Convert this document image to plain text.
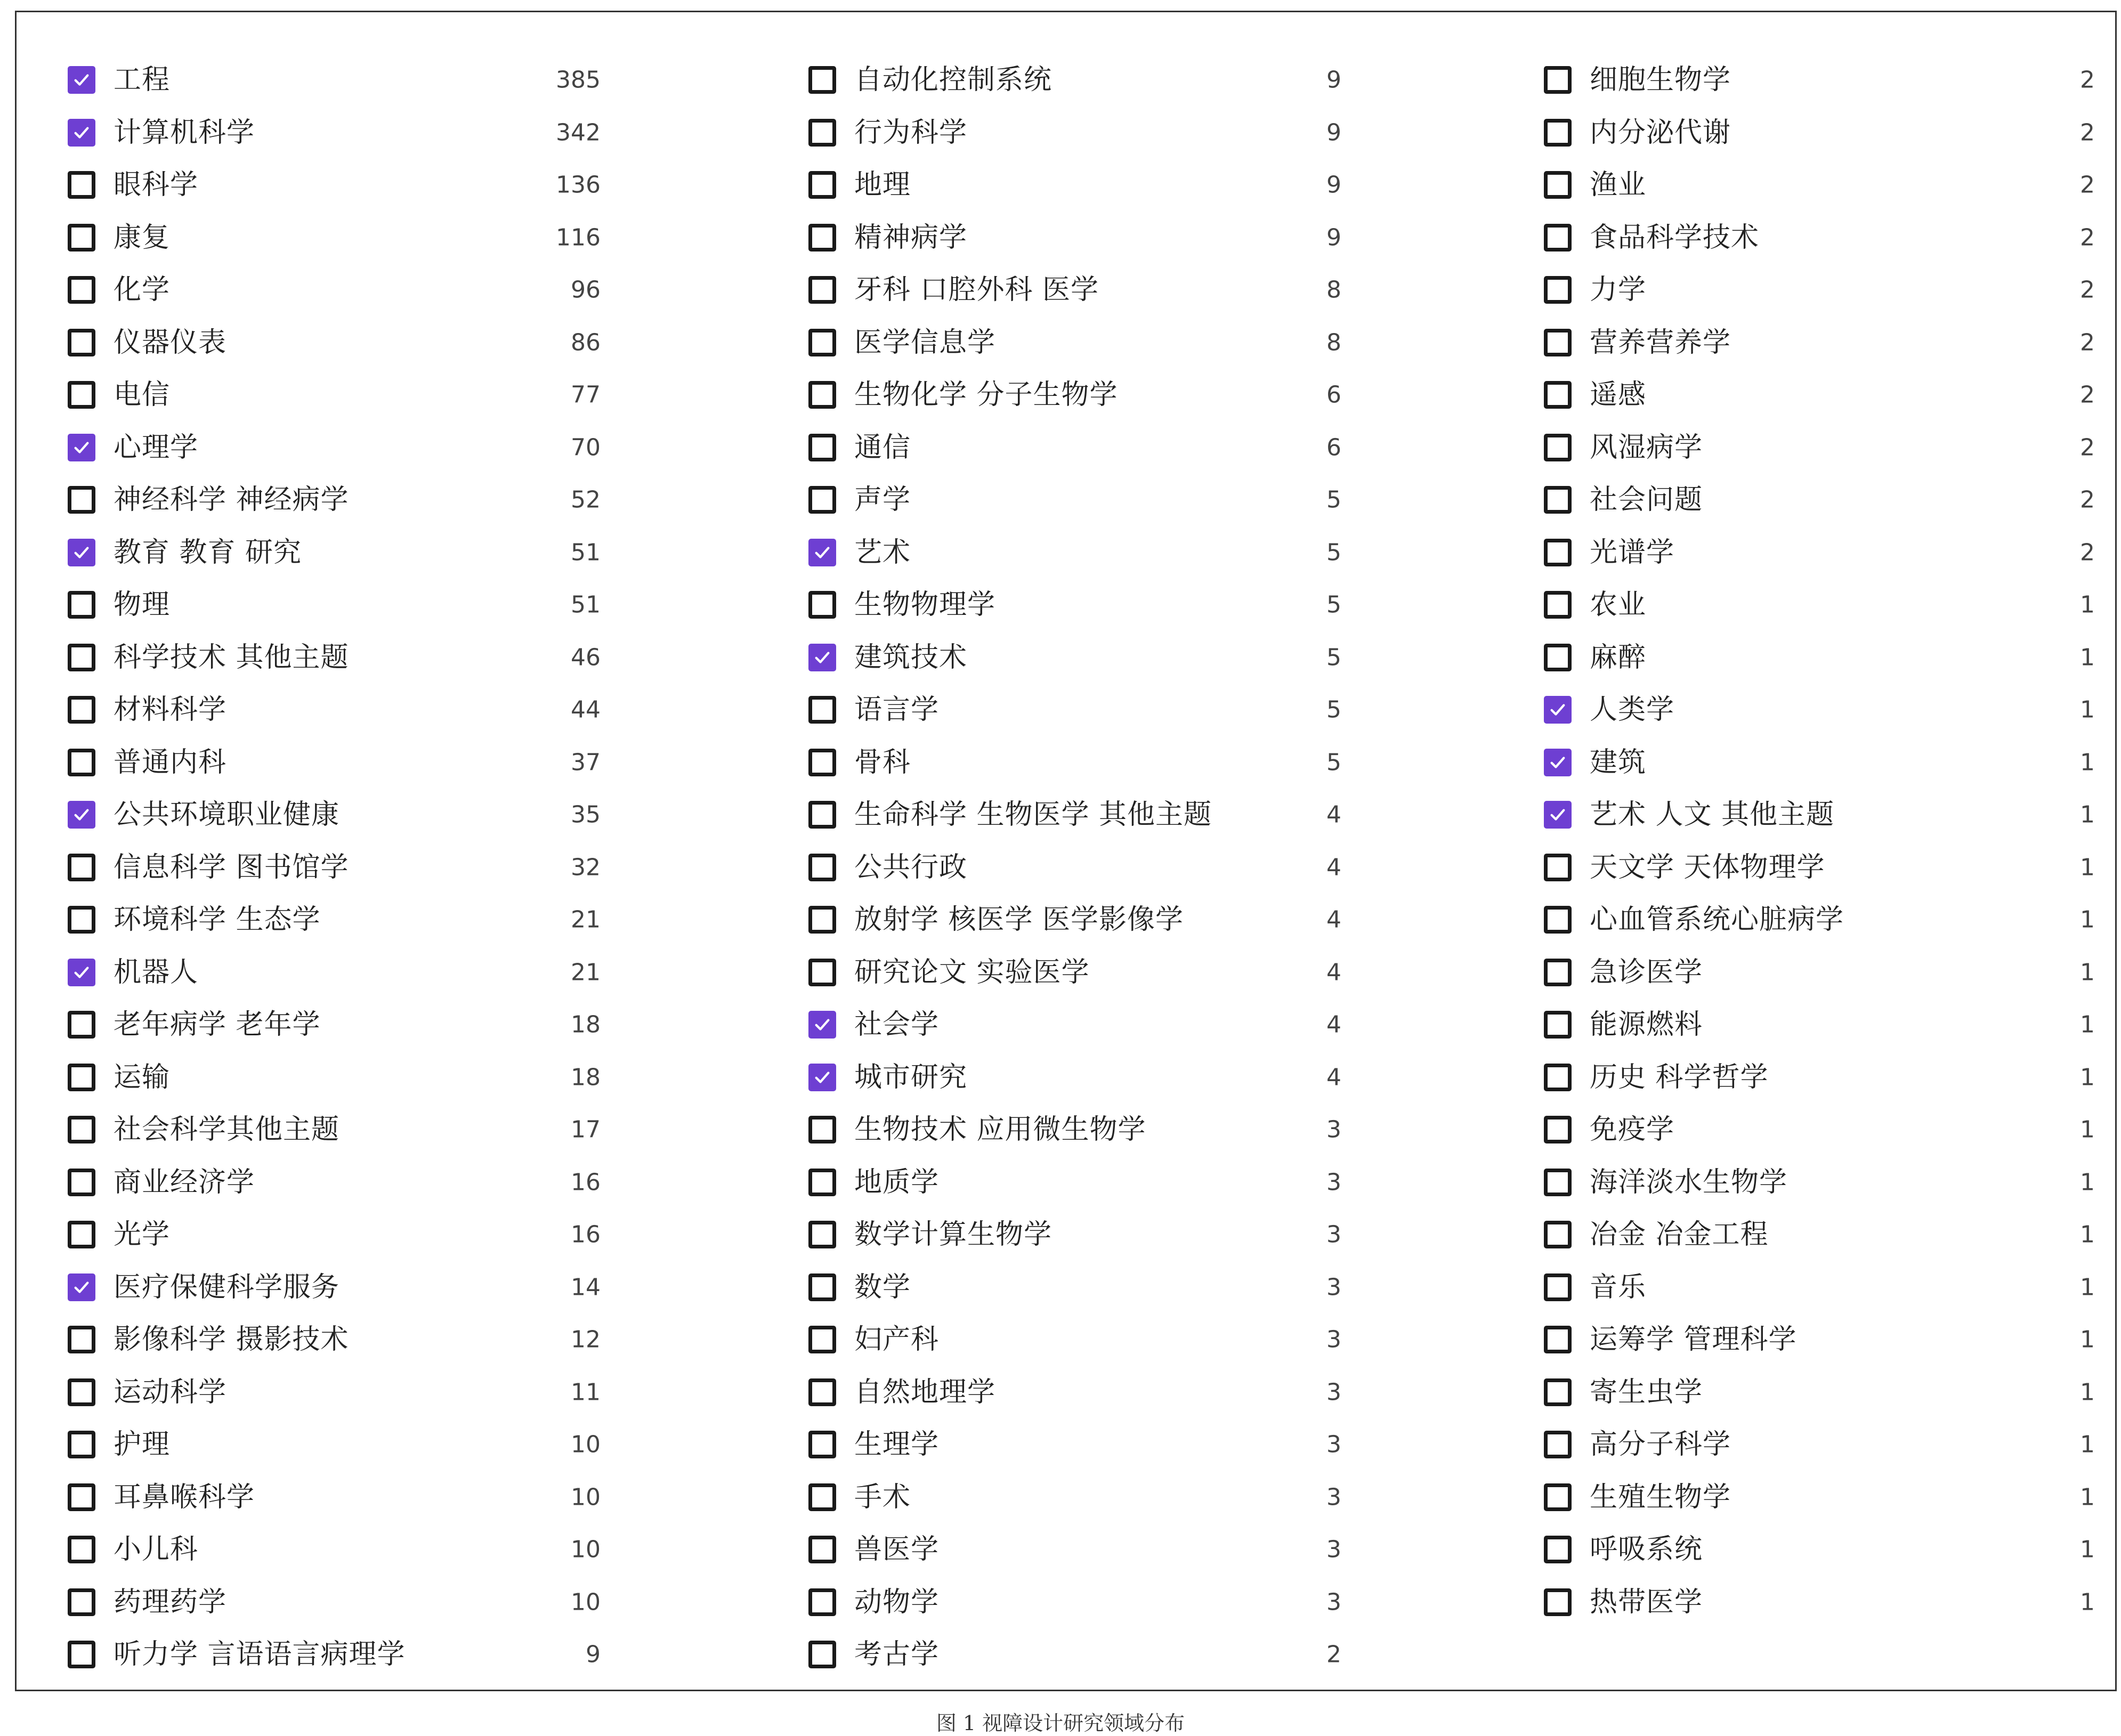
工程	385
计算机科学	342
眼科学	136
康复	116
化学	96
仪器仪表	86
电信	77
心理学	70
神经科学 神经病学	52
教育 教育 研究	51
物理	51
科学技术 其他主题	46
材料科学	44
普通内科	37
公共环境职业健康	35
信息科学 图书馆学	32
环境科学 生态学	21
机器人	21
老年病学 老年学	18
运输	18
社会科学其他主题	17
商业经济学	16
光学	16
医疗保健科学服务	14
影像科学 摄影技术	12
运动科学	11
护理	10
耳鼻喉科学	10
小儿科	10
药理药学	10
听力学 言语语言病理学	9
自动化控制系统	9
行为科学	9
地理	9
精神病学	9
牙科 口腔外科 医学	8
医学信息学	8
生物化学 分子生物学	6
通信	6
声学	5
艺术	5
生物物理学	5
建筑技术	5
语言学	5
骨科	5
生命科学 生物医学 其他主题	4
公共行政	4
放射学 核医学 医学影像学	4
研究论文 实验医学	4
社会学	4
城市研究	4
生物技术 应用微生物学	3
地质学	3
数学计算生物学	3
数学	3
妇产科	3
自然地理学	3
生理学	3
手术	3
兽医学	3
动物学	3
考古学	2
细胞生物学	2
内分泌代谢	2
渔业	2
食品科学技术	2
力学	2
营养营养学	2
遥感	2
风湿病学	2
社会问题	2
光谱学	2
农业	1
麻醉	1
人类学	1
建筑	1
艺术 人文 其他主题	1
天文学 天体物理学	1
心血管系统心脏病学	1
急诊医学	1
能源燃料	1
历史 科学哲学	1
免疫学	1
海洋淡水生物学	1
冶金 冶金工程	1
音乐	1
运筹学 管理科学	1
寄生虫学	1
高分子科学	1
生殖生物学	1
呼吸系统	1
热带医学	1
图 1 视障设计研究领域分布
